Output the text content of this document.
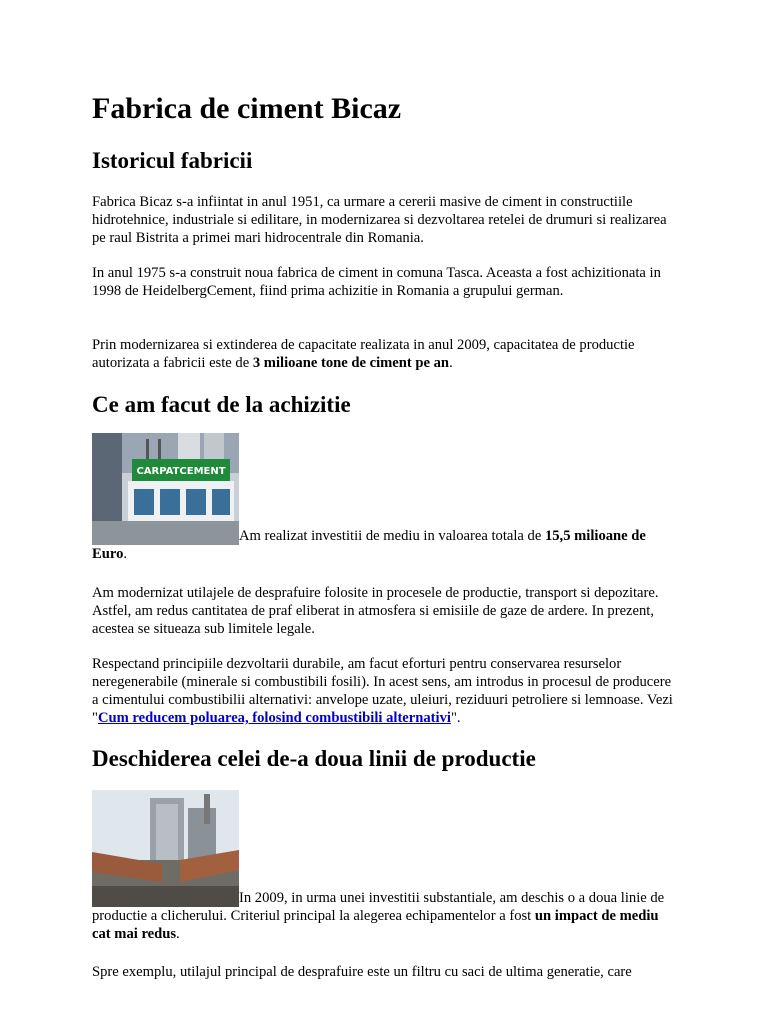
Fabrica de ciment Bicaz
Istoricul fabricii

Fabrica Bicaz s-a infiintat in anul 1951, ca urmare a cererii masive de ciment in constructiile hidrotehnice, industriale si edilitare, in modernizarea si dezvoltarea retelei de drumuri si realizarea pe raul Bistrita a primei mari hidrocentrale din Romania.

In anul 1975 s-a construit noua fabrica de ciment in comuna Tasca. Aceasta a fost achizitionata in 1998 de HeidelbergCement, fiind prima achizitie in Romania a grupului german.

Prin modernizarea si extinderea de capacitate realizata in anul 2009, capacitatea de productie autorizata a fabricii este de 3 milioane tone de ciment pe an.

Ce am facut de la achizitie

CARPATCEMENT
Am realizat investitii de mediu in valoarea totala de 15,5 milioane de Euro.

Am modernizat utilajele de desprafuire folosite in procesele de productie, transport si depozitare. Astfel, am redus cantitatea de praf eliberat in atmosfera si emisiile de gaze de ardere. In prezent, acestea se situeaza sub limitele legale.

Respectand principiile dezvoltarii durabile, am facut eforturi pentru conservarea resurselor neregenerabile (minerale si combustibili fosili). In acest sens, am introdus in procesul de producere a cimentului combustibilii alternativi: anvelope uzate, uleiuri, reziduuri petroliere si lemnoase. Vezi "Cum reducem poluarea, folosind combustibili alternativi".

Deschiderea celei de-a doua linii de productie

In 2009, in urma unei investitii substantiale, am deschis o a doua linie de productie a clicherului. Criteriul principal la alegerea echipamentelor a fost un impact de mediu cat mai redus.

Spre exemplu, utilajul principal de desprafuire este un filtru cu saci de ultima generatie, care
